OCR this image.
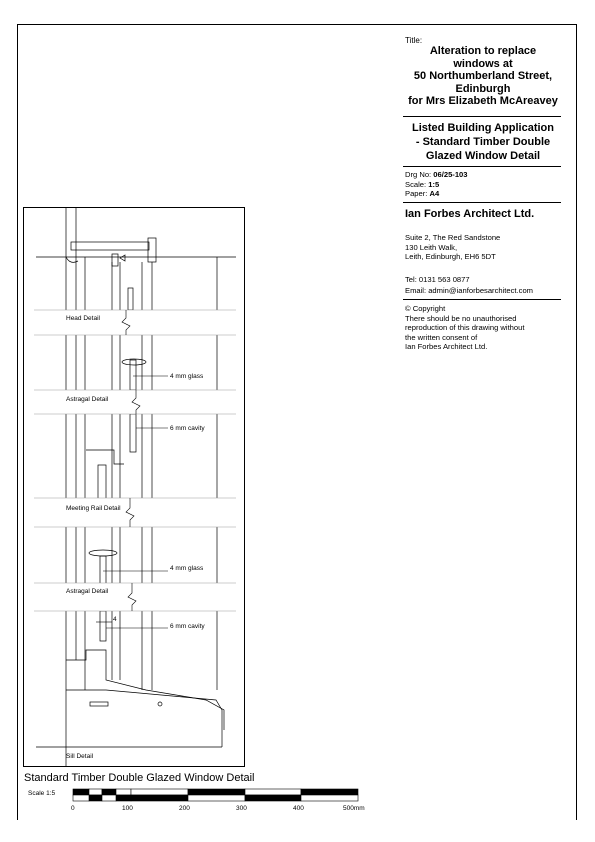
Title:
Alteration to replace
windows at
50 Northumberland Street,
Edinburgh
for Mrs Elizabeth McAreavey
Listed Building Application
- Standard Timber Double
Glazed Window Detail
Drg No: 06/25-103
Scale: 1:5
Paper: A4
Ian Forbes Architect Ltd.
Suite 2, The Red Sandstone
130 Leith Walk,
Leith, Edinburgh, EH6 5DT
Tel: 0131 563 0877
Email: admin@ianforbesarchitect.com
© Copyright
There should be no unauthorised
reproduction of this drawing without
the written consent of
Ian Forbes Architect Ltd.
Head Detail
Astragal Detail
Meeting Rail Detail
Astragal Detail
Sill Detail
4 mm glass
6 mm cavity
4 mm glass
6 mm cavity
4
0	100	200	300	400	500mm
Standard Timber Double Glazed Window Detail
Scale 1:5
